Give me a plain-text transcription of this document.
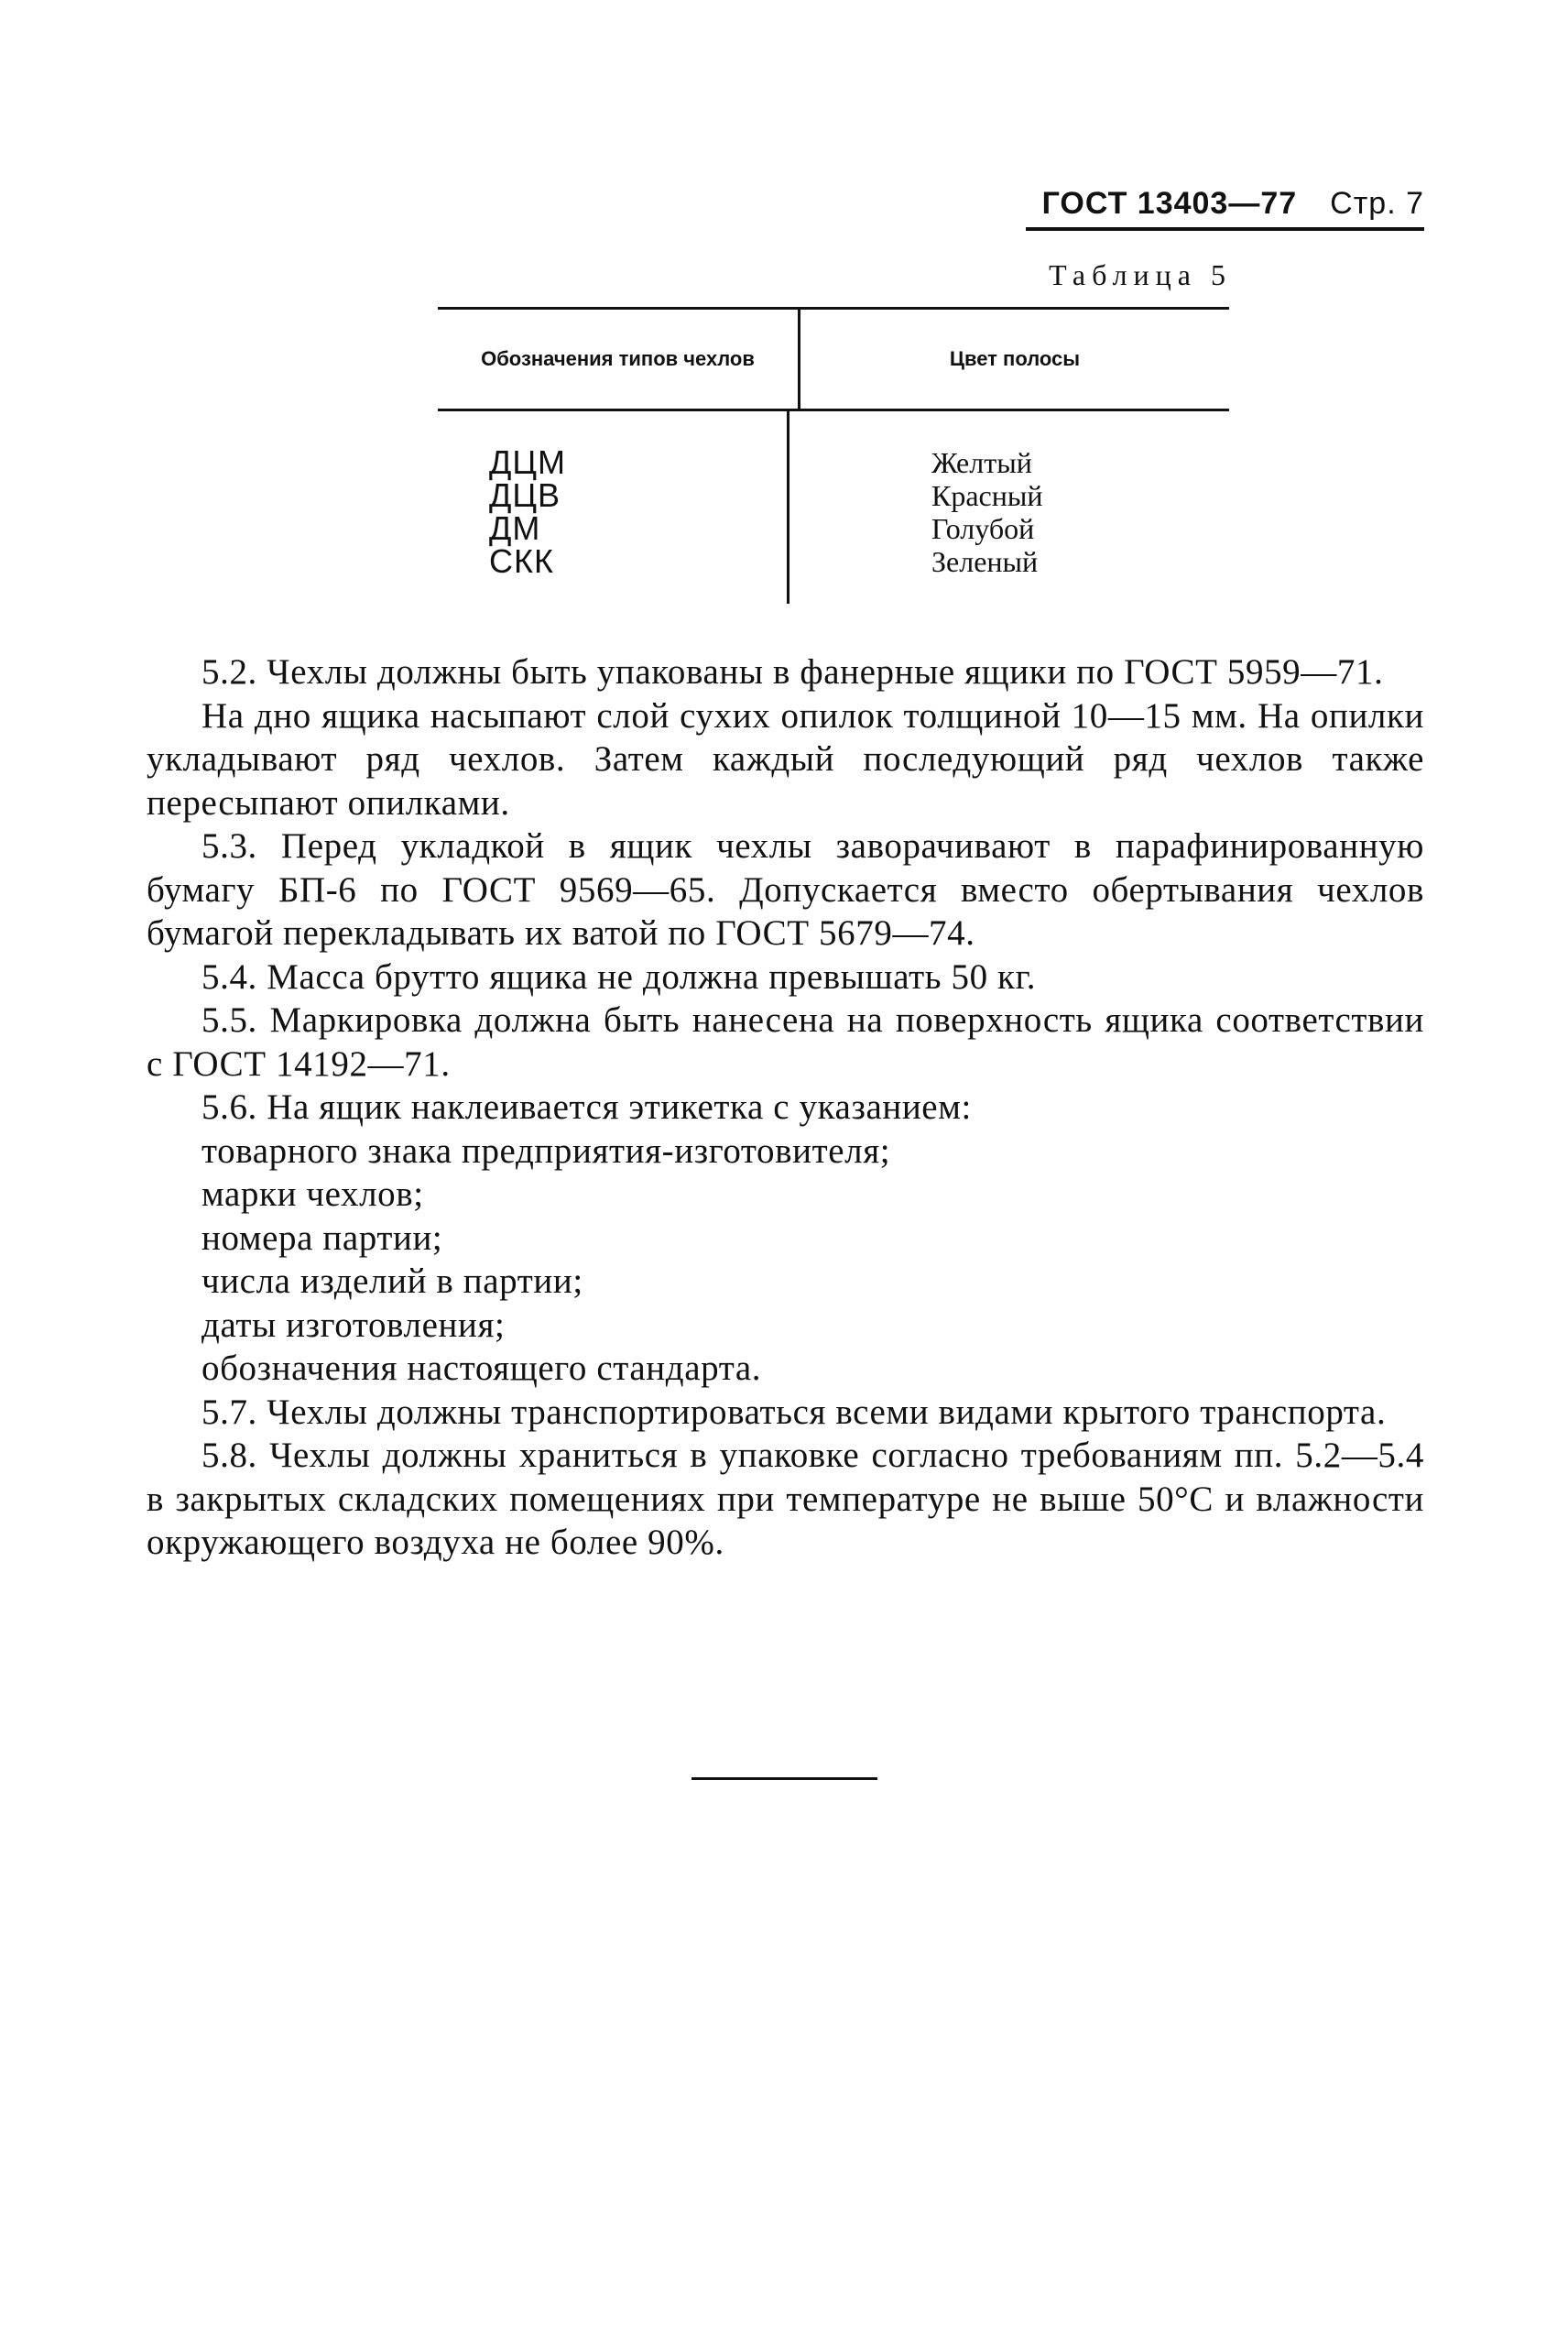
ГОСТ 13403—77 Стр. 7
Таблица 5
Обозначения типов чехлов	Цвет полосы
ДЦМ
ДЦВ
ДМ
СКК
Желтый
Красный
Голубой
Зеленый

5.2. Чехлы должны быть упакованы в фанерные ящики по ГОСТ 5959—71.

На дно ящика насыпают слой сухих опилок толщиной 10—15 мм. На опилки укладывают ряд чехлов. Затем каждый последующий ряд чехлов также пересыпают опилками.

5.3. Перед укладкой в ящик чехлы заворачивают в парафинированную бумагу БП-6 по ГОСТ 9569—65. Допускается вместо обертывания чехлов бумагой перекладывать их ватой по ГОСТ 5679—74.

5.4. Масса брутто ящика не должна превышать 50 кг.

5.5. Маркировка должна быть нанесена на поверхность ящика соответствии с ГОСТ 14192—71.

5.6. На ящик наклеивается этикетка с указанием:

товарного знака предприятия-изготовителя;

марки чехлов;

номера партии;

числа изделий в партии;

даты изготовления;

обозначения настоящего стандарта.

5.7. Чехлы должны транспортироваться всеми видами крытого транспорта.

5.8. Чехлы должны храниться в упаковке согласно требованиям пп. 5.2—5.4 в закрытых складских помещениях при температуре не выше 50°С и влажности окружающего воздуха не более 90%.
